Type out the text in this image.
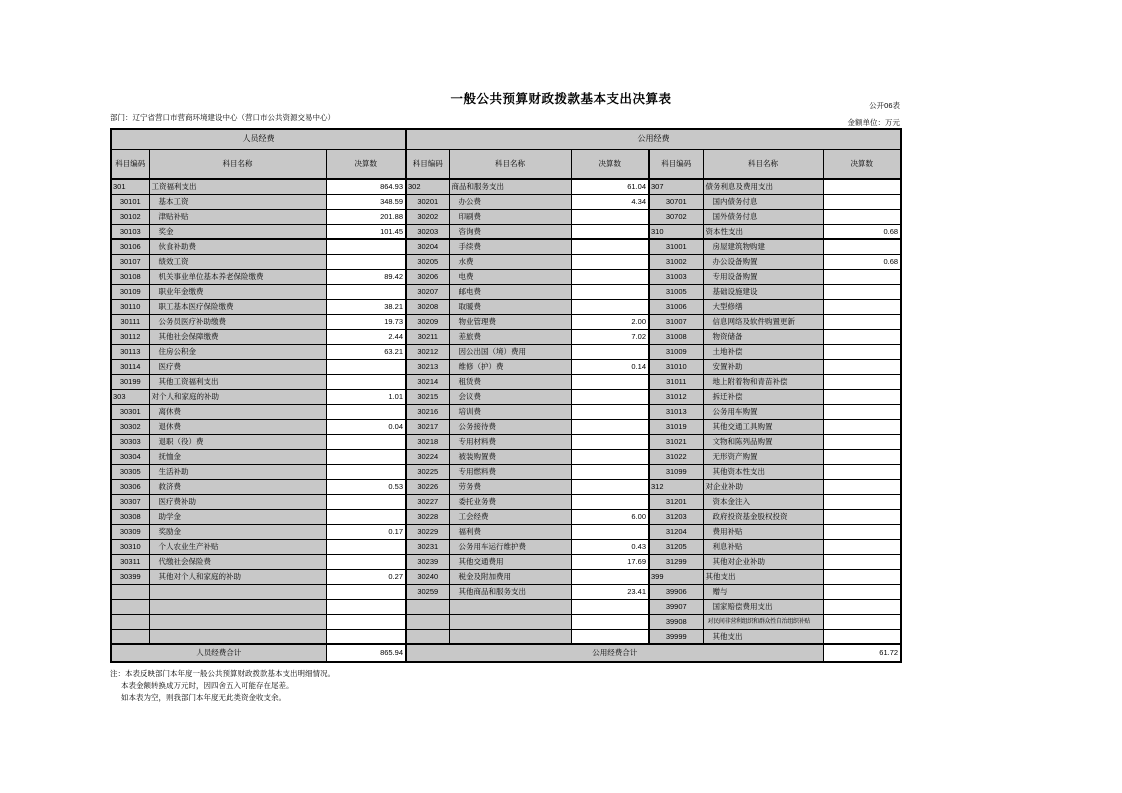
一般公共预算财政拨款基本支出决算表	公开06表
部门：辽宁省营口市营商环境建设中心（营口市公共资源交易中心）
金额单位：万元
人员经费			公用经费					
科目编码	科目名称	决算数	科目编码	科目名称	决算数	科目编码	科目名称	决算数
301	工资福利支出	864.93	302	商品和服务支出	61.04	307	债务利息及费用支出	
30101	基本工资	348.59	30201	办公费	4.34	30701	国内债务付息	
30102	津贴补贴	201.88	30202	印刷费		30702	国外债务付息	
30103	奖金	101.45	30203	咨询费		310	资本性支出	0.68
30106	伙食补助费		30204	手续费		31001	房屋建筑物购建	
30107	绩效工资		30205	水费		31002	办公设备购置	0.68
30108	机关事业单位基本养老保险缴费	89.42	30206	电费		31003	专用设备购置	
30109	职业年金缴费		30207	邮电费		31005	基础设施建设	
30110	职工基本医疗保险缴费	38.21	30208	取暖费		31006	大型修缮	
30111	公务员医疗补助缴费	19.73	30209	物业管理费	2.00	31007	信息网络及软件购置更新	
30112	其他社会保障缴费	2.44	30211	差旅费	7.02	31008	物资储备	
30113	住房公积金	63.21	30212	因公出国（境）费用		31009	土地补偿	
30114	医疗费		30213	维修（护）费	0.14	31010	安置补助	
30199	其他工资福利支出		30214	租赁费		31011	地上附着物和青苗补偿	
303	对个人和家庭的补助	1.01	30215	会议费		31012	拆迁补偿	
30301	离休费		30216	培训费		31013	公务用车购置	
30302	退休费	0.04	30217	公务接待费		31019	其他交通工具购置	
30303	退职（役）费		30218	专用材料费		31021	文物和陈列品购置	
30304	抚恤金		30224	被装购置费		31022	无形资产购置	
30305	生活补助		30225	专用燃料费		31099	其他资本性支出	
30306	救济费	0.53	30226	劳务费		312	对企业补助	
30307	医疗费补助		30227	委托业务费		31201	资本金注入	
30308	助学金		30228	工会经费	6.00	31203	政府投资基金股权投资	
30309	奖励金	0.17	30229	福利费		31204	费用补贴	
30310	个人农业生产补贴		30231	公务用车运行维护费	0.43	31205	利息补贴	
30311	代缴社会保险费		30239	其他交通费用	17.69	31299	其他对企业补助	
30399	其他对个人和家庭的补助	0.27	30240	税金及附加费用		399	其他支出	
			30259	其他商品和服务支出	23.41	39906	赠与	
						39907	国家赔偿费用支出	
						39908	对民间非营利组织和群众性自治组织补贴	
						39999	其他支出	
人员经费合计		865.94	公用经费合计					61.72
注：本表反映部门本年度一般公共预算财政拨款基本支出明细情况。
本表金额转换成万元时，因四舍五入可能存在尾差。
如本表为空，则我部门本年度无此类资金收支余。
